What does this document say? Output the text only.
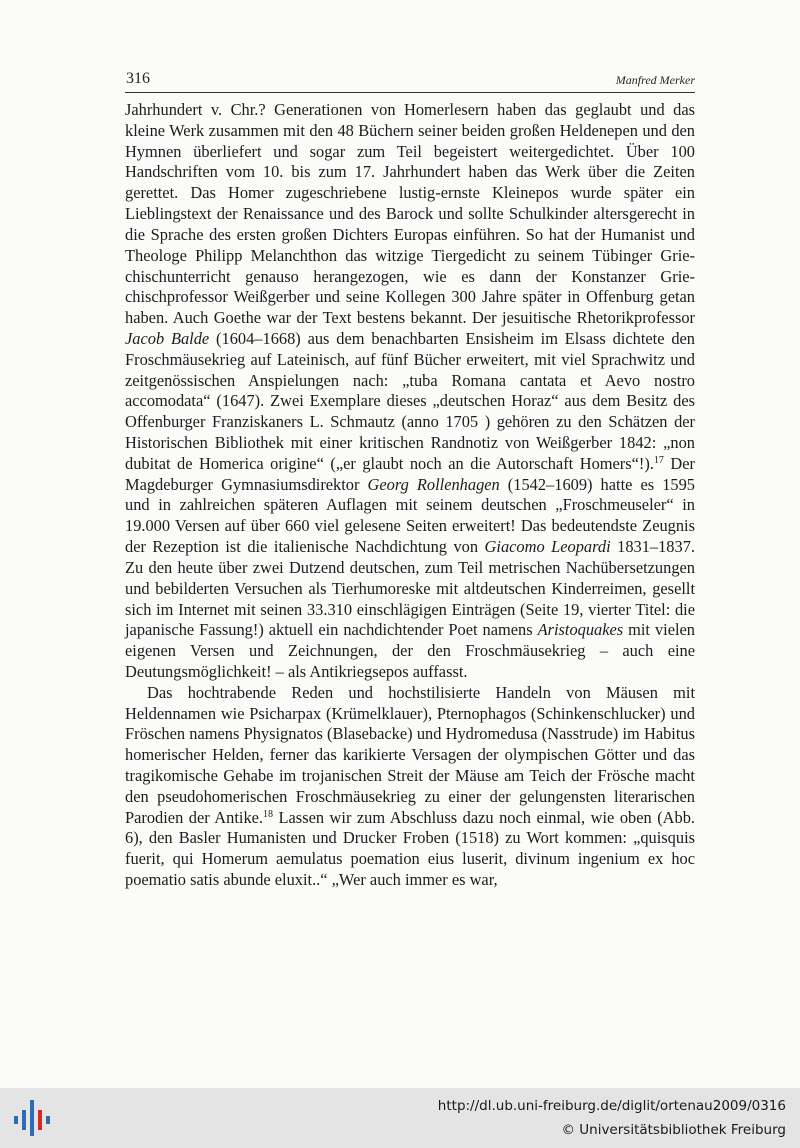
316	Manfred Merker

Jahrhundert v. Chr.? Generationen von Homerlesern haben das geglaubt und das kleine Werk zusammen mit den 48 Büchern seiner beiden großen Heldenepen und den Hymnen überliefert und sogar zum Teil begeistert weitergedichtet. Über 100 Handschriften vom 10. bis zum 17. Jahrhundert haben das Werk über die Zeiten gerettet. Das Homer zugeschriebene lustig-ernste Kleinepos wurde später ein Lieblingstext der Renaissance und des Barock und sollte Schulkinder altersgerecht in die Sprache des ersten großen Dichters Europas einführen. So hat der Humanist und Theologe Philipp Melanchthon das witzige Tiergedicht zu seinem Tübinger Griechischunterricht genauso herangezogen, wie es dann der Konstanzer Griechischprofessor Weißgerber und seine Kollegen 300 Jahre später in Offenburg getan haben. Auch Goethe war der Text bestens bekannt. Der jesuitische Rhetorikprofessor Jacob Balde (1604–1668) aus dem benachbarten Ensisheim im Elsass dichtete den Froschmäusekrieg auf Lateinisch, auf fünf Bücher erweitert, mit viel Sprachwitz und zeitgenössischen Anspielungen nach: „tuba Romana cantata et Aevo nostro accomodata“ (1647). Zwei Exemplare dieses „deutschen Horaz“ aus dem Besitz des Offenburger Franziskaners L. Schmautz (anno 1705 ) gehören zu den Schätzen der Historischen Bibliothek mit einer kritischen Randnotiz von Weißgerber 1842: „non dubitat de Homerica origine“ („er glaubt noch an die Autorschaft Homers“!).$^{17}$ Der Magdeburger Gymnasiumsdirektor Georg Rollenhagen (1542–1609) hatte es 1595 und in zahlreichen späteren Auflagen mit seinem deutschen „Froschmeuseler“ in 19.000 Versen auf über 660 viel gelesene Seiten erweitert! Das bedeutendste Zeugnis der Rezeption ist die italienische Nachdichtung von Giacomo Leopardi 1831–1837. Zu den heute über zwei Dutzend deutschen, zum Teil metrischen Nachübersetzungen und bebilderten Versuchen als Tierhumoreske mit altdeutschen Kinderreimen, gesellt sich im Internet mit seinen 33.310 einschlägigen Einträgen (Seite 19, vierter Titel: die japanische Fassung!) aktuell ein nachdichtender Poet namens Aristoquakes mit vielen eigenen Versen und Zeichnungen, der den Froschmäusekrieg – auch eine Deutungsmöglichkeit! – als Antikriegsepos auffasst.

Das hochtrabende Reden und hochstilisierte Handeln von Mäusen mit Heldennamen wie Psicharpax (Krümelklauer), Pternophagos (Schinkenschlucker) und Fröschen namens Physignatos (Blasebacke) und Hydromedusa (Nasstrude) im Habitus homerischer Helden, ferner das karikierte Versagen der olympischen Götter und das tragikomische Gehabe im trojanischen Streit der Mäuse am Teich der Frösche macht den pseudohomerischen Froschmäusekrieg zu einer der gelungensten literarischen Parodien der Antike.$^{18}$ Lassen wir zum Abschluss dazu noch einmal, wie oben (Abb. 6), den Basler Humanisten und Drucker Froben (1518) zu Wort kommen: „quisquis fuerit, qui Homerum aemulatus poemation eius luserit, divinum ingenium ex hoc poematio satis abunde eluxit..“ „Wer auch immer es war,

http://dl.ub.uni-freiburg.de/diglit/ortenau2009/0316
© Universitätsbibliothek Freiburg
